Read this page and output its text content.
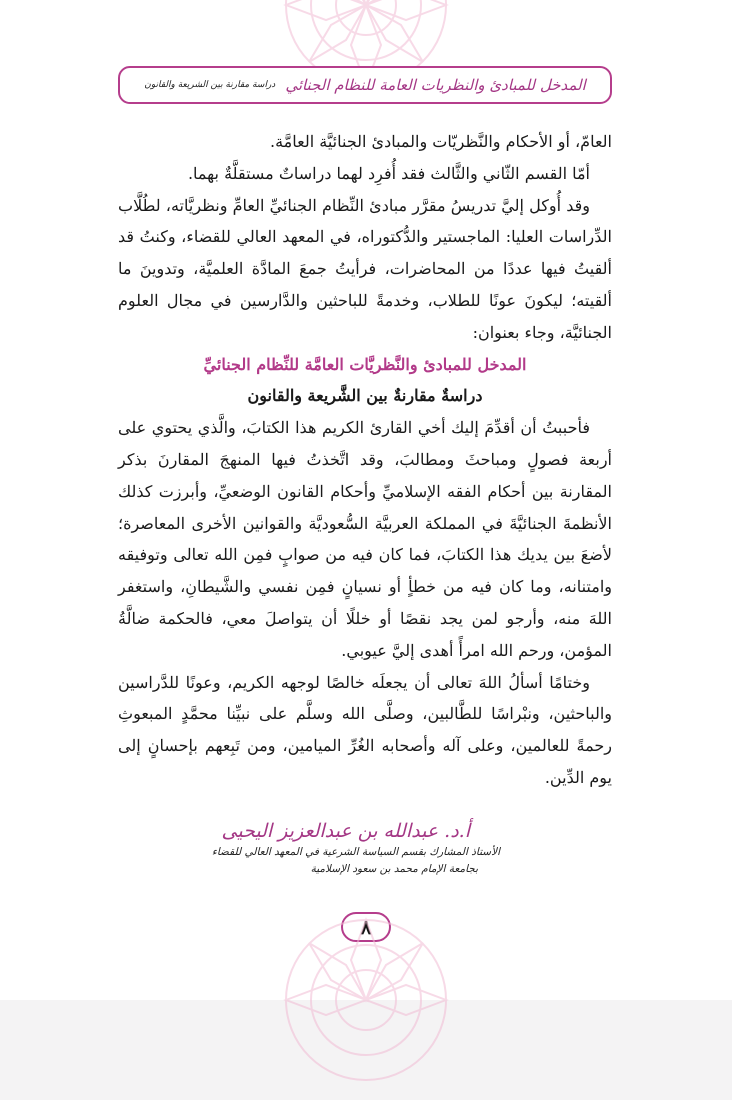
المدخل للمبادئ والنظريات العامة للنظام الجنائي
دراسة مقارنة بين الشريعة والقانون

العامّ، أو الأحكام والنَّظريّات والمبادئ الجنائيَّة العامَّة.

أمّا القسم الثّاني والثَّالث فقد أُفرِد لهما دراساتٌ مستقلَّةٌ بهما.

وقد أُوكل إليَّ تدريسُ مقرَّر مبادئ النِّظام الجنائيِّ العامِّ ونظريَّاته، لطُلَّاب الدِّراسات العليا: الماجستير والدُّكتوراه، في المعهد العالي للقضاء، وكنتُ قد ألقيتُ فيها عددًا من المحاضرات، فرأيتُ جمعَ المادَّة العلميَّة، وتدوينَ ما ألقيته؛ ليكونَ عونًا للطلاب، وخدمةً للباحثين والدَّارسين في مجال العلوم الجنائيَّة، وجاء بعنوان:

المدخل للمبادئ والنَّظريَّات العامَّة للنِّظام الجنائيِّ

دراسةٌ مقارنةٌ بين الشَّريعة والقانون

فأحببتُ أن أقدِّمَ إليك أخي القارئ الكريم هذا الكتابَ، والَّذي يحتوي على أربعة فصولٍ ومباحثَ ومطالبَ، وقد اتَّخذتُ فيها المنهجَ المقارنَ بذكر المقارنة بين أحكام الفقه الإسلاميِّ وأحكام القانون الوضعيِّ، وأبرزت كذلك الأنظمةَ الجنائيَّةَ في المملكة العربيَّة السُّعوديَّة والقوانين الأخرى المعاصرة؛ لأضعَ بين يديك هذا الكتابَ، فما كان فيه من صوابٍ فمِن الله تعالى وتوفيقه وامتنانه، وما كان فيه من خطأٍ أو نسيانٍ فمِن نفسي والشَّيطانِ، واستغفر اللهَ منه، وأرجو لمن يجد نقصًا أو خللًا أن يتواصلَ معي، فالحكمة ضالَّةُ المؤمن، ورحم الله امرأً أهدى إليَّ عيوبي.

وختامًا أسألُ اللهَ تعالى أن يجعلَه خالصًا لوجهه الكريم، وعونًا للدَّراسين والباحثين، ونبْراسًا للطَّالبين، وصلَّى الله وسلَّم على نبيِّنا محمَّدٍ المبعوثِ رحمةً للعالمين، وعلى آله وأصحابه الغُرِّ الميامين، ومن تَبِعهم بإحسانٍ إلى يوم الدِّين.

أ.د. عبدالله بن عبدالعزيز اليحيى
الأستاذ المشارك بقسم السياسة الشرعية في المعهد العالي للقضاء
بجامعة الإمام محمد بن سعود الإسلامية
٨
